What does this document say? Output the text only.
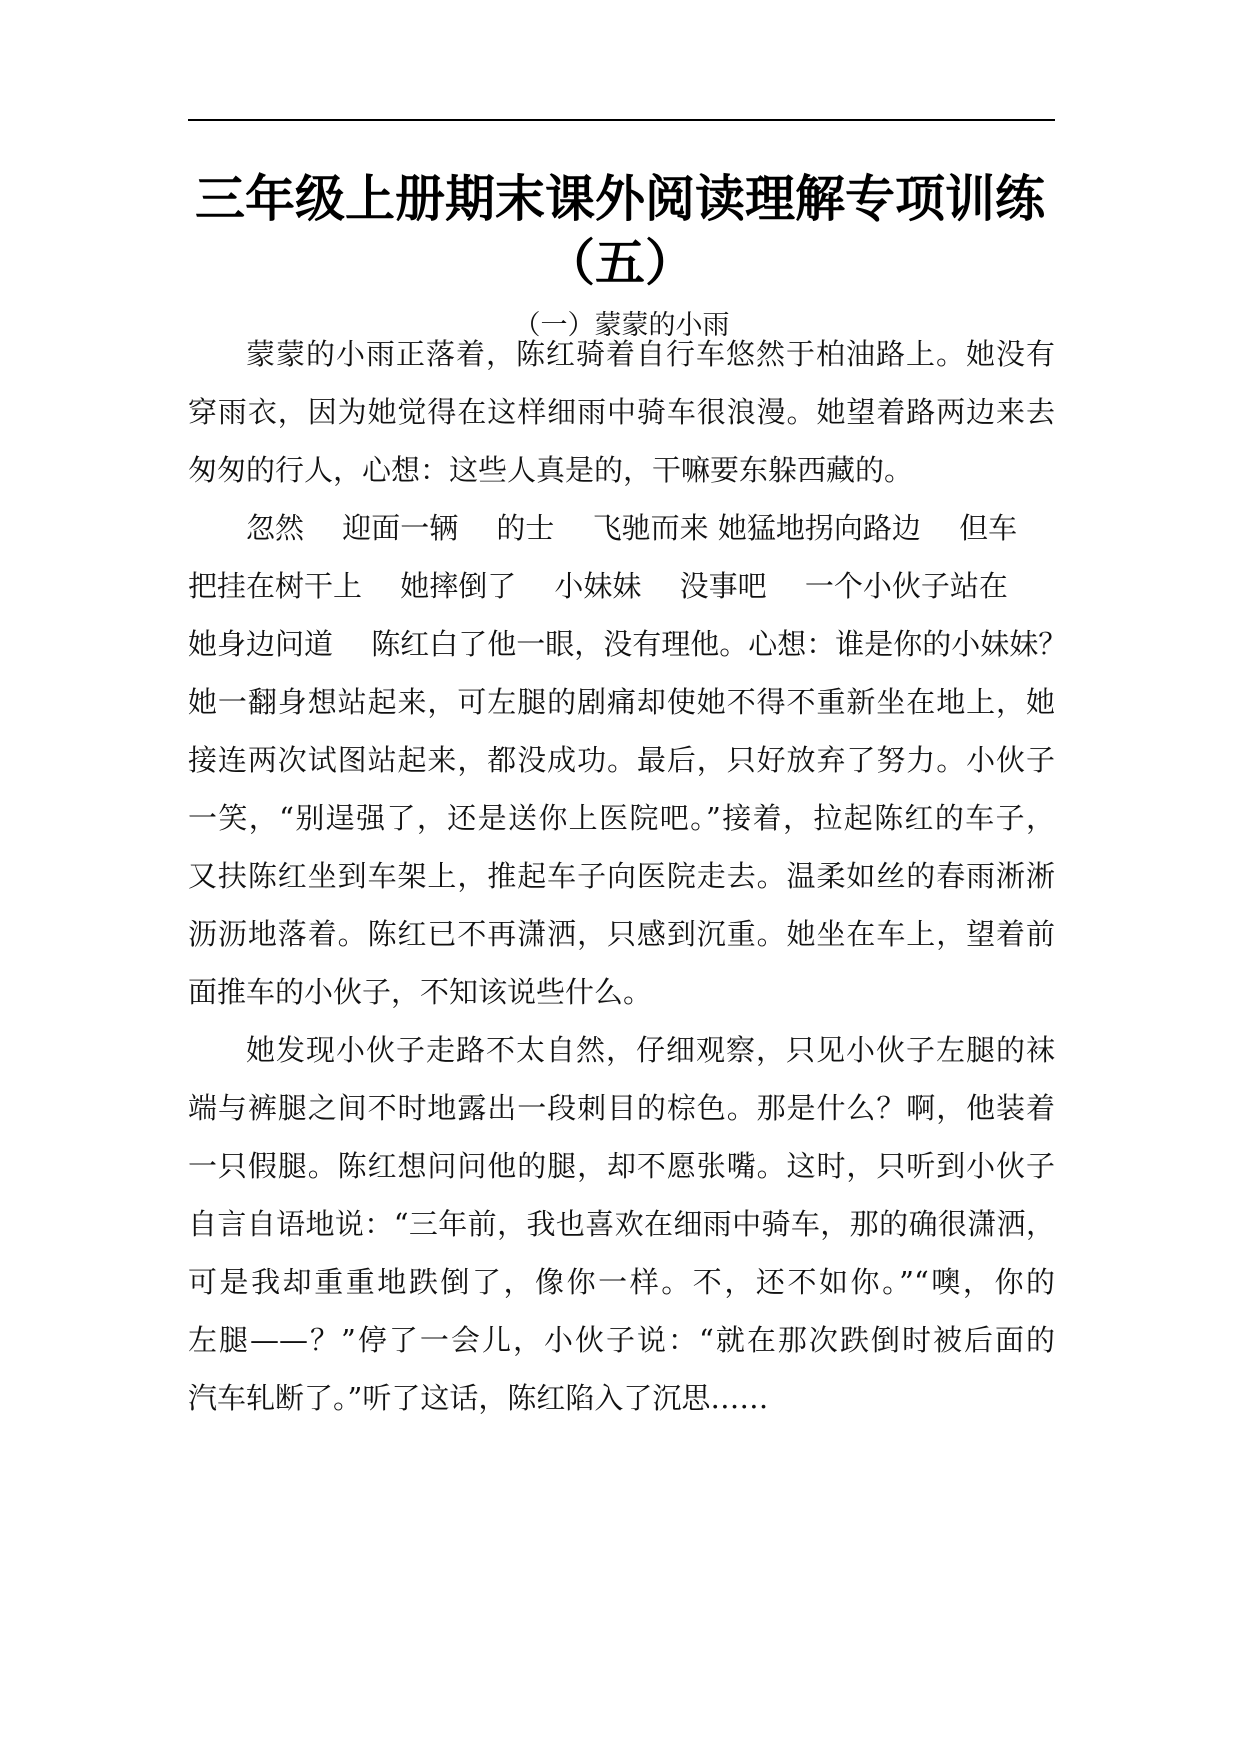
三年级上册期末课外阅读理解专项训练
（五）

（一）蒙蒙的小雨

蒙蒙的小雨正落着，陈红骑着自行车悠然于柏油路上。她没有

穿雨衣，因为她觉得在这样细雨中骑车很浪漫。她望着路两边来去

匆匆的行人，心想：这些人真是的，干嘛要东躲西藏的。

忽然　 迎面一辆　 的士　 飞驰而来 她猛地拐向路边　 但车

把挂在树干上　 她摔倒了　 小妹妹　 没事吧　 一个小伙子站在

她身边问道　 陈红白了他一眼，没有理他。心想：谁是你的小妹妹？

她一翻身想站起来，可左腿的剧痛却使她不得不重新坐在地上，她

接连两次试图站起来，都没成功。最后，只好放弃了努力。小伙子

一笑，“别逞强了，还是送你上医院吧。”接着，拉起陈红的车子，

又扶陈红坐到车架上，推起车子向医院走去。温柔如丝的春雨淅淅

沥沥地落着。陈红已不再潇洒，只感到沉重。她坐在车上，望着前

面推车的小伙子，不知该说些什么。

她发现小伙子走路不太自然，仔细观察，只见小伙子左腿的袜

端与裤腿之间不时地露出一段刺目的棕色。那是什么？啊，他装着

一只假腿。陈红想问问他的腿，却不愿张嘴。这时，只听到小伙子

自言自语地说：“三年前，我也喜欢在细雨中骑车，那的确很潇洒，

可是我却重重地跌倒了，像你一样。不，还不如你。”“噢，你的

左腿——？”停了一会儿，小伙子说：“就在那次跌倒时被后面的

汽车轧断了。”听了这话，陈红陷入了沉思……
